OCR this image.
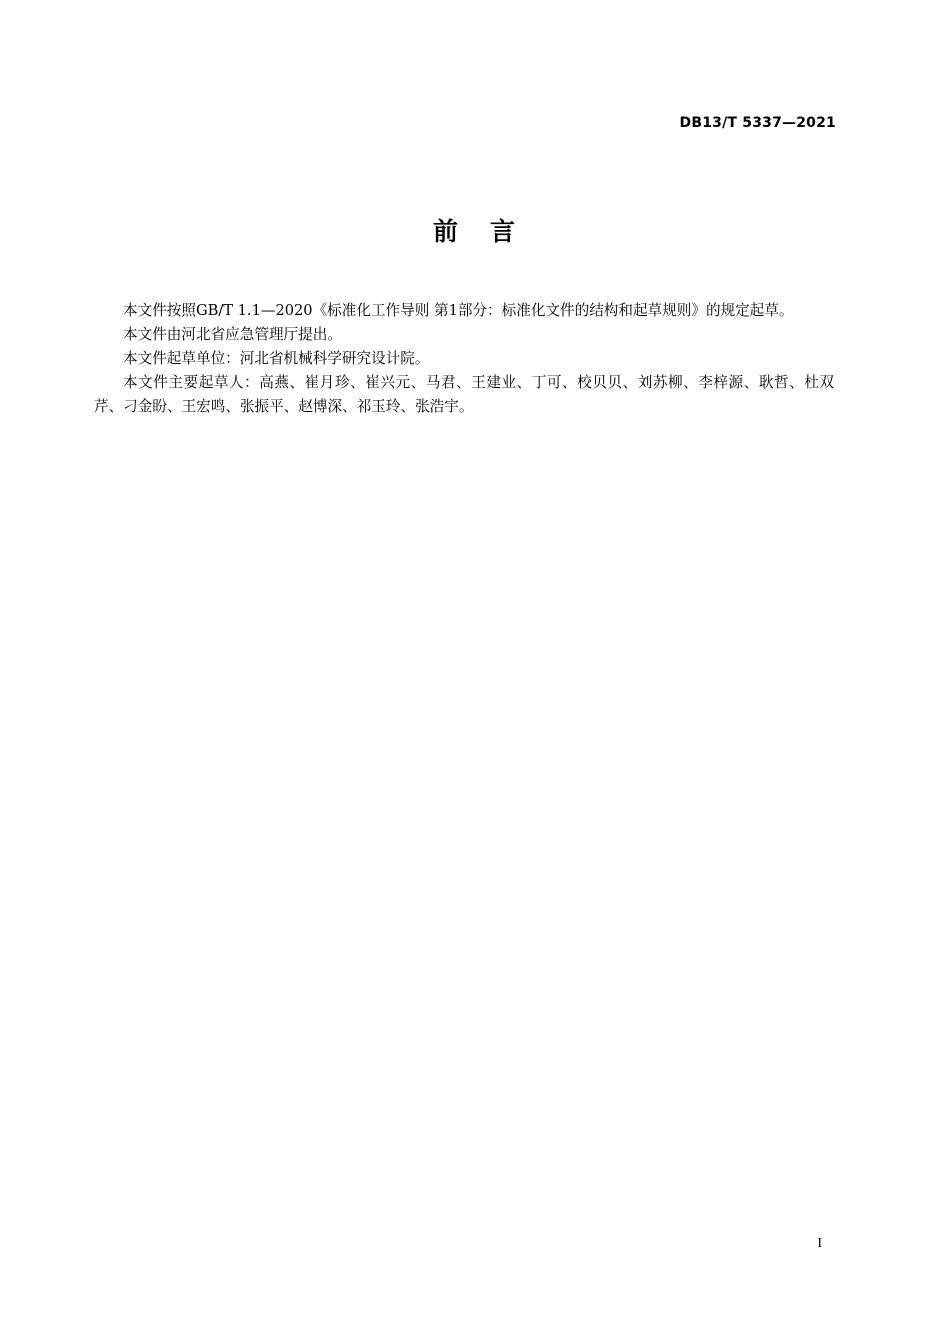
DB13/T 5337—2021
前 言

本文件按照GB/T 1.1—2020《标准化工作导则 第1部分：标准化文件的结构和起草规则》的规定起草。

本文件由河北省应急管理厅提出。

本文件起草单位：河北省机械科学研究设计院。

本文件主要起草人：高燕、崔月珍、崔兴元、马君、王建业、丁可、校贝贝、刘苏柳、李梓源、耿哲、杜双芹、刁金盼、王宏鸣、张振平、赵博深、祁玉玲、张浩宇。

I
